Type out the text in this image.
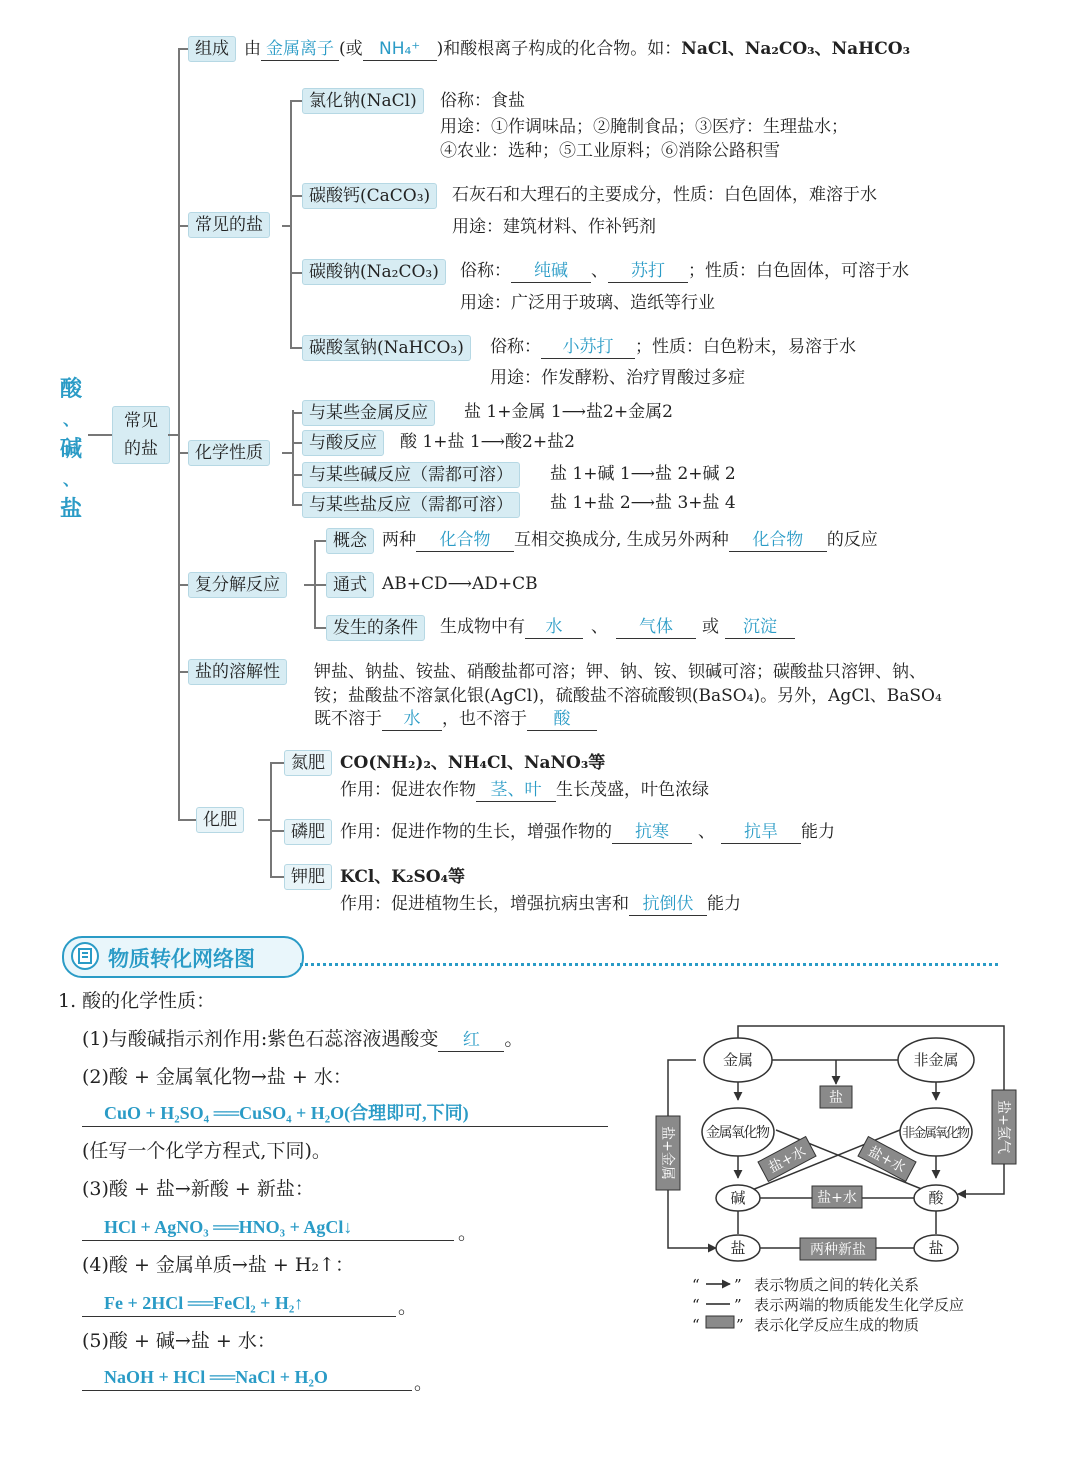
酸
、
碱
、
盐
常见的盐
组成 由 金属离子 (或 NH₄⁺ )和酸根离子构成的化合物。如：NaCl、Na₂CO₃、NaHCO₃
常见的盐
氯化钠(NaCl)	俗称：食盐
用途：①作调味品；②腌制食品；③医疗：生理盐水；
④农业：选种；⑤工业原料；⑥消除公路积雪
碳酸钙(CaCO₃)	石灰石和大理石的主要成分，性质：白色固体，难溶于水
用途：建筑材料、作补钙剂
碳酸钠(Na₂CO₃)	俗称： 纯碱 、 苏打 ；性质：白色固体，可溶于水
用途：广泛用于玻璃、造纸等行业
碳酸氢钠(NaHCO₃)	俗称： 小苏打 ；性质：白色粉末，易溶于水
用途：作发酵粉、治疗胃酸过多症
化学性质
与某些金属反应	盐 1+金属 1⟶盐2+金属2
与酸反应	酸 1+盐 1⟶酸2+盐2
与某些碱反应（需都可溶）	盐 1+碱 1⟶盐 2+碱 2
与某些盐反应（需都可溶）	盐 1+盐 2⟶盐 3+盐 4
复分解反应
概念 两种 化合物 互相交换成分, 生成另外两种 化合物 的反应
通式 AB+CD⟶AD+CB
发生的条件	生成物中有 水 、 气体 或 沉淀
盐的溶解性	钾盐、钠盐、铵盐、硝酸盐都可溶；钾、钠、铵、钡碱可溶；碳酸盐只溶钾、钠、
铵；盐酸盐不溶氯化银(AgCl)，硫酸盐不溶硫酸钡(BaSO₄)。另外，AgCl、BaSO₄
既不溶于 水 ，也不溶于 酸
化肥
氮肥 CO(NH₂)₂、NH₄Cl、NaNO₃等
作用：促进农作物 茎、叶 生长茂盛，叶色浓绿
磷肥 作用：促进作物的生长，增强作物的 抗寒 、 抗旱 能力
钾肥 KCl、K₂SO₄等
作用：促进植物生长，增强抗病虫害和 抗倒伏 能力
物质转化网络图
1. 酸的化学性质：
(1)与酸碱指示剂作用:紫色石蕊溶液遇酸变 红 。
(2)酸 + 金属氧化物→盐 + 水：
CuO + H₂SO₄ ══CuSO₄ + H₂O(合理即可,下同)
(任写一个化学方程式,下同)。
(3)酸 + 盐→新酸 + 新盐：
HCl + AgNO₃ ══HNO₃ + AgCl↓	。
(4)酸 + 金属单质→盐 + H₂↑：
Fe + 2HCl ══FeCl₂ + H₂↑	。
(5)酸 + 碱→盐 + 水：
NaOH + HCl ══NaCl + H₂O	。
金属	非金属
金属氧化物	非金属氧化物
碱	酸
盐	盐
盐
盐+金属	盐+氢气
盐+水	盐+水
盐+水
两种新盐
“ ” 表示物质之间的转化关系
“ ” 表示两端的物质能发生化学反应
“ ” 表示化学反应生成的物质
